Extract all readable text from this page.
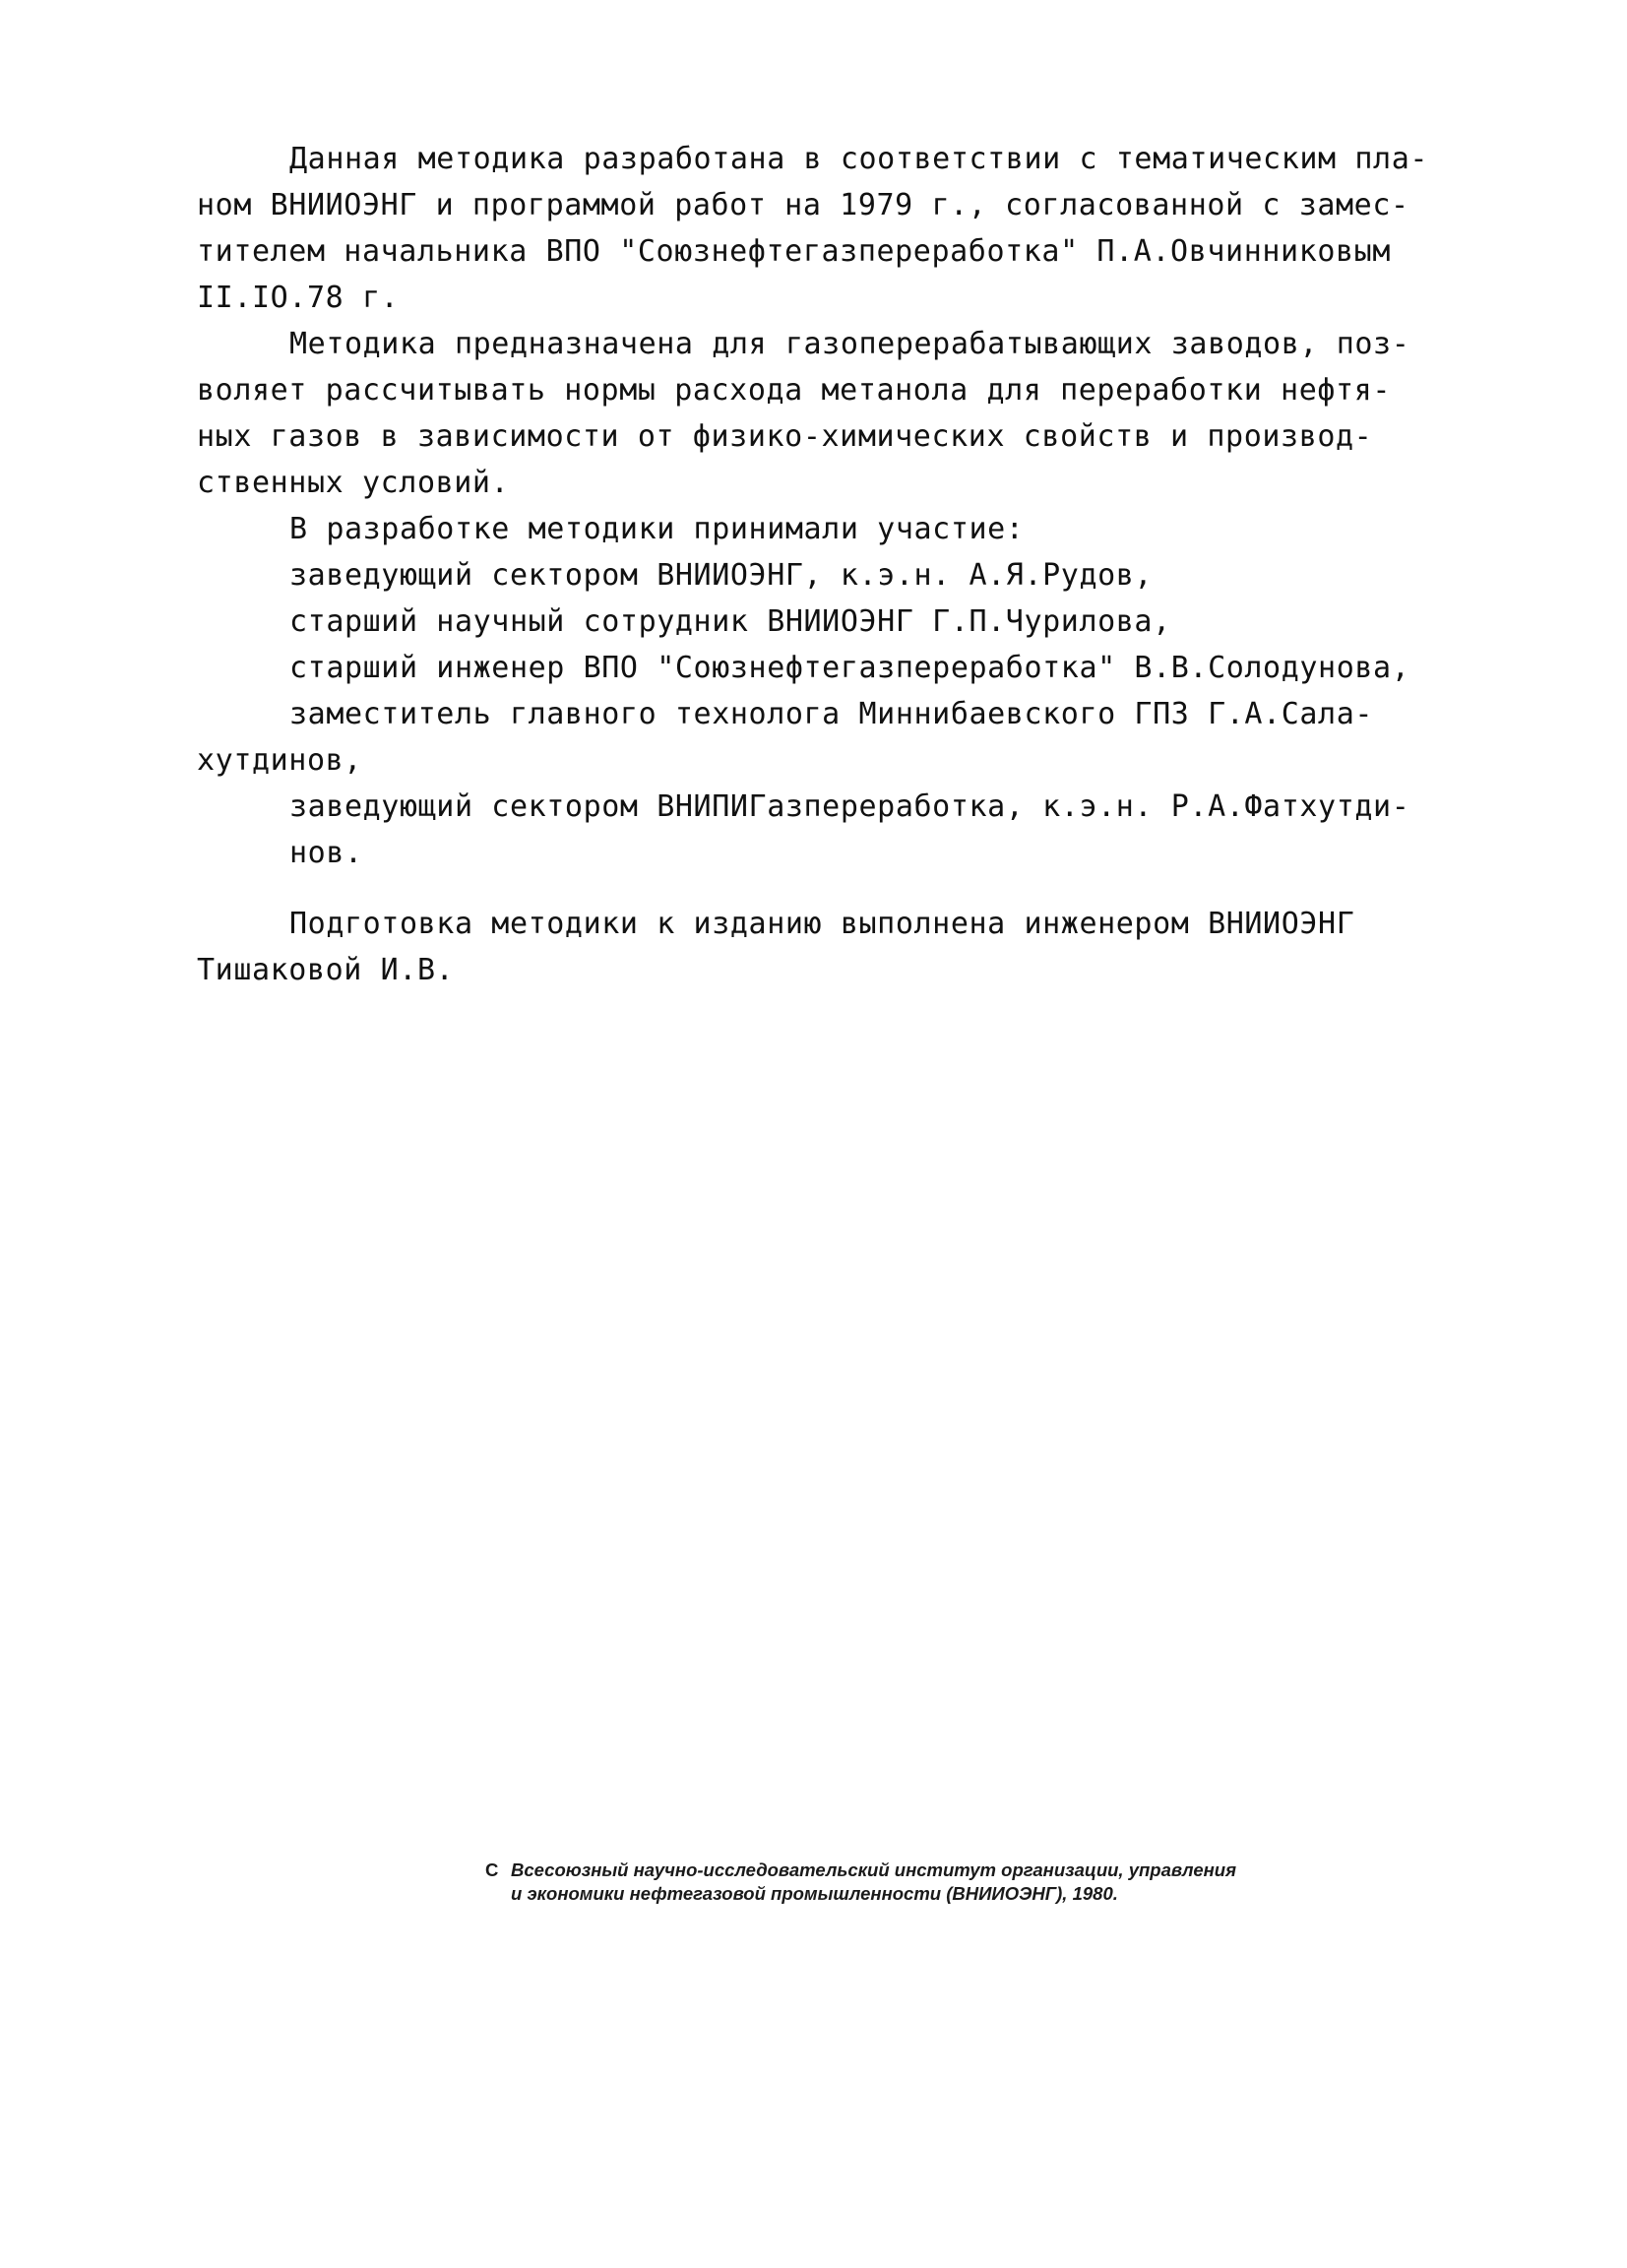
Данная методика разработана в соответствии с тематическим пла-
ном ВНИИОЭНГ и программой работ на 1979 г., согласованной с замес-
тителем начальника ВПО "Союзнефтегазпереработка" П.А.Овчинниковым
II.IO.78 г.

Методика предназначена для газоперерабатывающих заводов, поз-
воляет рассчитывать нормы расхода метанола для переработки нефтя-
ных газов в зависимости от физико-химических свойств и производ-
ственных условий.

В разработке методики принимали участие:
заведующий сектором ВНИИОЭНГ, к.э.н. А.Я.Рудов,
старший научный сотрудник ВНИИОЭНГ Г.П.Чурилова,
старший инженер ВПО "Союзнефтегазпереработка" В.В.Солодунова,
заместитель главного технолога Миннибаевского ГПЗ Г.А.Сала-
хутдинов,
заведующий сектором ВНИПИГазпереработка, к.э.н. Р.А.Фатхутди-
нов.

Подготовка методики к изданию выполнена инженером ВНИИОЭНГ
Тишаковой И.В.

С Всесоюзный научно-исследовательский институт организации, управления
и экономики нефтегазовой промышленности (ВНИИОЭНГ), 1980.
